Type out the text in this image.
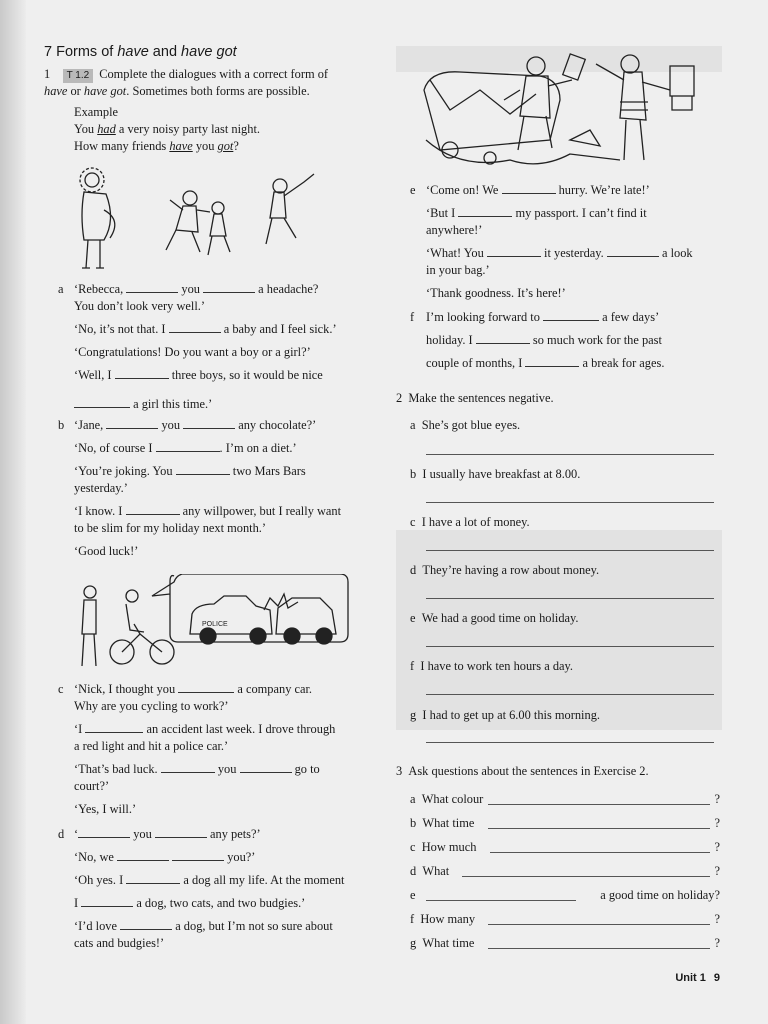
7 Forms of have and have got
1 T 1.2 Complete the dialogues with a correct form of
have or have got. Sometimes both forms are possible.
Example
You had a very noisy party last night.
How many friends have you got?
a ‘Rebecca,	you	a headache?
You don’t look very well.’
‘No, it’s not that. I	a baby and I feel sick.’
‘Congratulations! Do you want a boy or a girl?’
‘Well, I	three boys, so it would be nice
a girl this time.’
b ‘Jane,	you	any chocolate?’
‘No, of course I	. I’m on a diet.’
‘You’re joking. You	two Mars Bars
yesterday.’
‘I know. I	any willpower, but I really want
to be slim for my holiday next month.’
‘Good luck!’
POLICE
c ‘Nick, I thought you	a company car.
Why are you cycling to work?’
‘I	an accident last week. I drove through
a red light and hit a police car.’
‘That’s bad luck.	you	go to
court?’
‘Yes, I will.’
d ‘	you	any pets?’
‘No, we	you?’
‘Oh yes. I	a dog all my life. At the moment
I	a dog, two cats, and two budgies.’
‘I’d love	a dog, but I’m not so sure about
cats and budgies!’
e ‘Come on! We	hurry. We’re late!’
‘But I	my passport. I can’t find it
anywhere!’
‘What! You	it yesterday.	a look
in your bag.’
‘Thank goodness. It’s here!’
f I’m looking forward to	a few days’
holiday. I	so much work for the past
couple of months, I	a break for ages.
2 Make the sentences negative.
a She’s got blue eyes.
b I usually have breakfast at 8.00.
c I have a lot of money.
d They’re having a row about money.
e We had a good time on holiday.
f I have to work ten hours a day.
g I had to get up at 6.00 this morning.
3 Ask questions about the sentences in Exercise 2.
a What colour	?
b What time	?
c How much	?
d What	?
e	a good time on holiday?
f How many	?
g What time	?
Unit 1 9
